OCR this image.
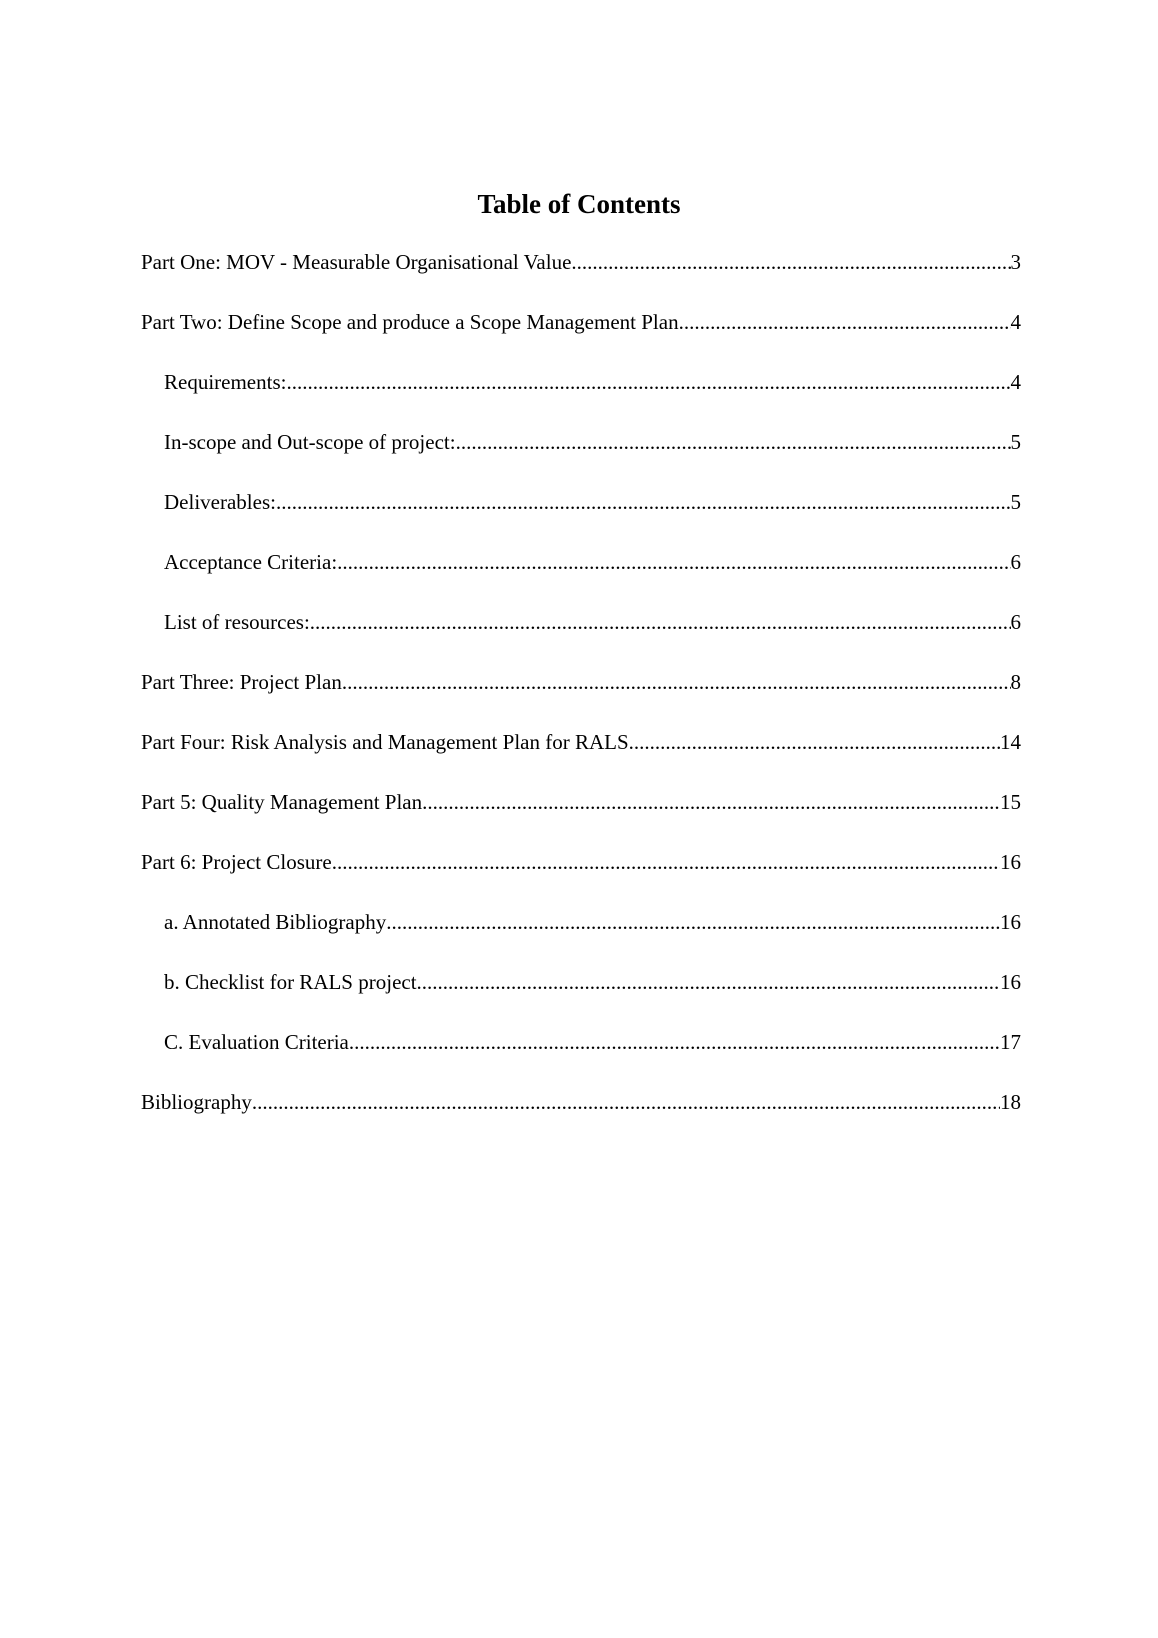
Table of Contents
Part One: MOV - Measurable Organisational Value .....	3
Part Two: Define Scope and produce a Scope Management Plan .....	4
Requirements: .....	4
In-scope and Out-scope of project: .....	5
Deliverables: .....	5
Acceptance Criteria: .....	6
List of resources: .....	6
Part Three: Project Plan .....	8
Part Four: Risk Analysis and Management Plan for RALS .....	14
Part 5: Quality Management Plan .....	15
Part 6: Project Closure .....	16
a. Annotated Bibliography .....	16
b. Checklist for RALS project .....	16
C. Evaluation Criteria .....	17
Bibliography .....	18
